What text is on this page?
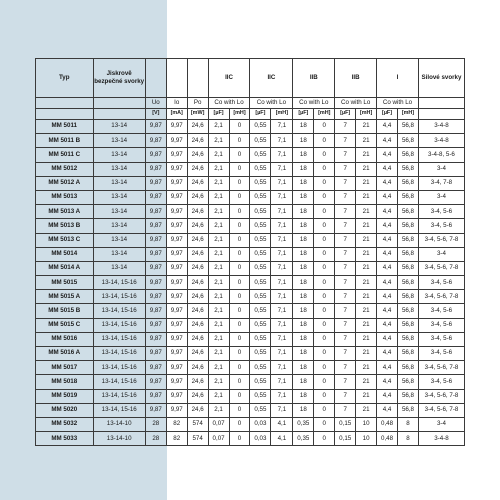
Typ	Jiskrově bezpečné svorky				IIC		IIC		IIB		IIB		I		Silové svorky
		Uo	Io	Po	Co with Lo		Co with Lo		Co with Lo		Co with Lo		Co with Lo		
		[V]	[mA]	[mW]	[µF]	[mH]	[µF]	[mH]	[µF]	[mH]	[µF]	[mH]	[µF]	[mH]	
MM 5011	13-14	9,87	9,97	24,6	2,1	0	0,55	7,1	18	0	7	21	4,4	56,8	3-4-8
MM 5011 B	13-14	9,87	9,97	24,6	2,1	0	0,55	7,1	18	0	7	21	4,4	56,8	3-4-8
MM 5011 C	13-14	9,87	9,97	24,6	2,1	0	0,55	7,1	18	0	7	21	4,4	56,8	3-4-8, 5-6
MM 5012	13-14	9,87	9,97	24,6	2,1	0	0,55	7,1	18	0	7	21	4,4	56,8	3-4
MM 5012 A	13-14	9,87	9,97	24,6	2,1	0	0,55	7,1	18	0	7	21	4,4	56,8	3-4, 7-8
MM 5013	13-14	9,87	9,97	24,6	2,1	0	0,55	7,1	18	0	7	21	4,4	56,8	3-4
MM 5013 A	13-14	9,87	9,97	24,6	2,1	0	0,55	7,1	18	0	7	21	4,4	56,8	3-4, 5-6
MM 5013 B	13-14	9,87	9,97	24,6	2,1	0	0,55	7,1	18	0	7	21	4,4	56,8	3-4, 5-6
MM 5013 C	13-14	9,87	9,97	24,6	2,1	0	0,55	7,1	18	0	7	21	4,4	56,8	3-4, 5-6, 7-8
MM 5014	13-14	9,87	9,97	24,6	2,1	0	0,55	7,1	18	0	7	21	4,4	56,8	3-4
MM 5014 A	13-14	9,87	9,97	24,6	2,1	0	0,55	7,1	18	0	7	21	4,4	56,8	3-4, 5-6, 7-8
MM 5015	13-14, 15-16	9,87	9,97	24,6	2,1	0	0,55	7,1	18	0	7	21	4,4	56,8	3-4, 5-6
MM 5015 A	13-14, 15-16	9,87	9,97	24,6	2,1	0	0,55	7,1	18	0	7	21	4,4	56,8	3-4, 5-6, 7-8
MM 5015 B	13-14, 15-16	9,87	9,97	24,6	2,1	0	0,55	7,1	18	0	7	21	4,4	56,8	3-4, 5-6
MM 5015 C	13-14, 15-16	9,87	9,97	24,6	2,1	0	0,55	7,1	18	0	7	21	4,4	56,8	3-4, 5-6
MM 5016	13-14, 15-16	9,87	9,97	24,6	2,1	0	0,55	7,1	18	0	7	21	4,4	56,8	3-4, 5-6
MM 5016 A	13-14, 15-16	9,87	9,97	24,6	2,1	0	0,55	7,1	18	0	7	21	4,4	56,8	3-4, 5-6
MM 5017	13-14, 15-16	9,87	9,97	24,6	2,1	0	0,55	7,1	18	0	7	21	4,4	56,8	3-4, 5-6, 7-8
MM 5018	13-14, 15-16	9,87	9,97	24,6	2,1	0	0,55	7,1	18	0	7	21	4,4	56,8	3-4, 5-6
MM 5019	13-14, 15-16	9,87	9,97	24,6	2,1	0	0,55	7,1	18	0	7	21	4,4	56,8	3-4, 5-6, 7-8
MM 5020	13-14, 15-16	9,87	9,97	24,6	2,1	0	0,55	7,1	18	0	7	21	4,4	56,8	3-4, 5-6, 7-8
MM 5032	13-14-10	28	82	574	0,07	0	0,03	4,1	0,35	0	0,15	10	0,48	8	3-4
MM 5033	13-14-10	28	82	574	0,07	0	0,03	4,1	0,35	0	0,15	10	0,48	8	3-4-8
